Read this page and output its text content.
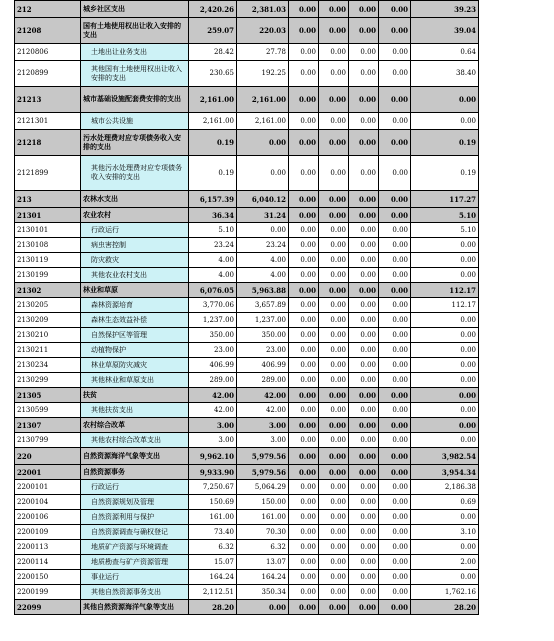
212	城乡社区支出	2,420.26	2,381.03	0.00	0.00	0.00	0.00	39.23
21208	国有土地使用权出让收入安排的支出	259.07	220.03	0.00	0.00	0.00	0.00	39.04
2120806	土地出让业务支出	28.42	27.78	0.00	0.00	0.00	0.00	0.64
2120899	其他国有土地使用权出让收入安排的支出	230.65	192.25	0.00	0.00	0.00	0.00	38.40
21213	城市基础设施配套费安排的支出	2,161.00	2,161.00	0.00	0.00	0.00	0.00	0.00
2121301	城市公共设施	2,161.00	2,161.00	0.00	0.00	0.00	0.00	0.00
21218	污水处理费对应专项债务收入安排的支出	0.19	0.00	0.00	0.00	0.00	0.00	0.19
2121899	其他污水处理费对应专项债务收入安排的支出	0.19	0.00	0.00	0.00	0.00	0.00	0.19
213	农林水支出	6,157.39	6,040.12	0.00	0.00	0.00	0.00	117.27
21301	农业农村	36.34	31.24	0.00	0.00	0.00	0.00	5.10
2130101	行政运行	5.10	0.00	0.00	0.00	0.00	0.00	5.10
2130108	病虫害控制	23.24	23.24	0.00	0.00	0.00	0.00	0.00
2130119	防灾救灾	4.00	4.00	0.00	0.00	0.00	0.00	0.00
2130199	其他农业农村支出	4.00	4.00	0.00	0.00	0.00	0.00	0.00
21302	林业和草原	6,076.05	5,963.88	0.00	0.00	0.00	0.00	112.17
2130205	森林资源培育	3,770.06	3,657.89	0.00	0.00	0.00	0.00	112.17
2130209	森林生态效益补偿	1,237.00	1,237.00	0.00	0.00	0.00	0.00	0.00
2130210	自然保护区等管理	350.00	350.00	0.00	0.00	0.00	0.00	0.00
2130211	动植物保护	23.00	23.00	0.00	0.00	0.00	0.00	0.00
2130234	林业草原防灾减灾	406.99	406.99	0.00	0.00	0.00	0.00	0.00
2130299	其他林业和草原支出	289.00	289.00	0.00	0.00	0.00	0.00	0.00
21305	扶贫	42.00	42.00	0.00	0.00	0.00	0.00	0.00
2130599	其他扶贫支出	42.00	42.00	0.00	0.00	0.00	0.00	0.00
21307	农村综合改革	3.00	3.00	0.00	0.00	0.00	0.00	0.00
2130799	其他农村综合改革支出	3.00	3.00	0.00	0.00	0.00	0.00	0.00
220	自然资源海洋气象等支出	9,962.10	5,979.56	0.00	0.00	0.00	0.00	3,982.54
22001	自然资源事务	9,933.90	5,979.56	0.00	0.00	0.00	0.00	3,954.34
2200101	行政运行	7,250.67	5,064.29	0.00	0.00	0.00	0.00	2,186.38
2200104	自然资源规划及管理	150.69	150.00	0.00	0.00	0.00	0.00	0.69
2200106	自然资源利用与保护	161.00	161.00	0.00	0.00	0.00	0.00	0.00
2200109	自然资源调查与确权登记	73.40	70.30	0.00	0.00	0.00	0.00	3.10
2200113	地质矿产资源与环境调查	6.32	6.32	0.00	0.00	0.00	0.00	0.00
2200114	地质勘查与矿产资源管理	15.07	13.07	0.00	0.00	0.00	0.00	2.00
2200150	事业运行	164.24	164.24	0.00	0.00	0.00	0.00	0.00
2200199	其他自然资源事务支出	2,112.51	350.34	0.00	0.00	0.00	0.00	1,762.16
22099	其他自然资源海洋气象等支出	28.20	0.00	0.00	0.00	0.00	0.00	28.20
